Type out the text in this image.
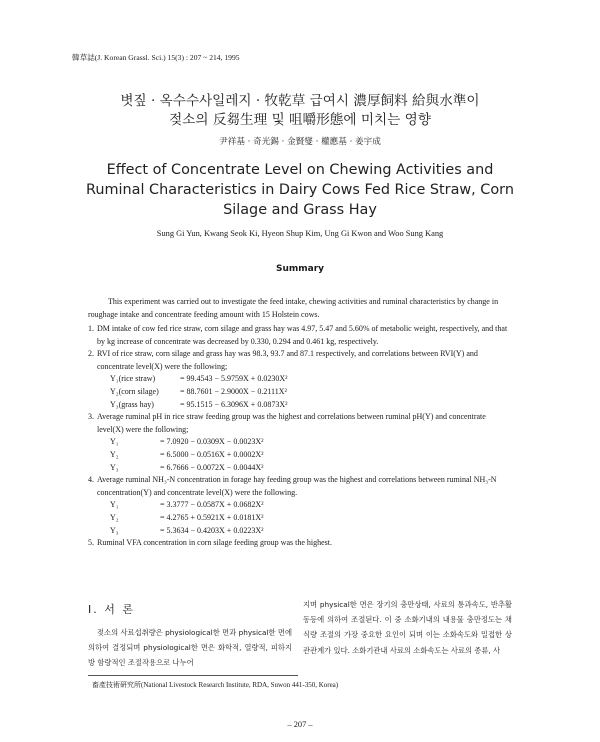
韓草誌(J. Korean Grassl. Sci.) 15(3) : 207 ~ 214, 1995
볏짚 · 옥수수사일레지 · 牧乾草 급여시 濃厚飼料 給與水準이
젖소의 反芻生理 및 咀嚼形態에 미치는 영향
尹祥基 · 奇光錫 · 金賢燮 · 權應基 · 姜宇成
Effect of Concentrate Level on Chewing Activities and
Ruminal Characteristics in Dairy Cows Fed Rice Straw, Corn
Silage and Grass Hay
Sung Gi Yun, Kwang Seok Ki, Hyeon Shup Kim, Ung Gi Kwon and Woo Sung Kang
Summary
This experiment was carried out to investigate the feed intake, chewing activities and ruminal characteristics by change in roughage intake and concentrate feeding amount with 15 Holstein cows.
1. DM intake of cow fed rice straw, corn silage and grass hay was 4.97, 5.47 and 5.60% of metabolic weight, respectively, and that by kg increase of concentrate was decreased by 0.330, 0.294 and 0.461 kg, respectively.
2. RVI of rice straw, corn silage and grass hay was 98.3, 93.7 and 87.1 respectively, and correlations between RVI(Y) and concentrate level(X) were the following;
Y₁(rice straw)	= 99.4543 − 5.9759X + 0.0230X²
Y₂(corn silage)	= 88.7601 − 2.9000X − 0.2111X²
Y₃(grass hay)	= 95.1515 − 6.3096X + 0.0873X²
3. Average ruminal pH in rice straw feeding group was the highest and correlations between ruminal pH(Y) and concentrate level(X) were the following;
Y₁	= 7.0920 − 0.0309X − 0.0023X²
Y₂	= 6.5000 − 0.0516X + 0.0002X²
Y₃	= 6.7666 − 0.0072X − 0.0044X²
4. Average ruminal NH₃-N concentration in forage hay feeding group was the highest and correlations between ruminal NH₃-N concentration(Y) and concentrate level(X) were the following.
Y₁	= 3.3777 − 0.0587X + 0.0682X²
Y₂	= 4.2765 + 0.5921X + 0.0181X²
Y₃	= 5.3634 − 0.4203X + 0.0223X²
5. Ruminal VFA concentration in corn silage feeding group was the highest.
Ⅰ. 서 론
젖소의 사료섭취량은 physiological한 면과 physical한 면에 의하여 결정되며 physiological한 면은 화학적, 열량적, 피하지방 함량적인 조절작용으로 나누어
지며 physical한 면은 장기의 충만상태, 사료의 통과속도, 반추활동등에 의하여 조절된다. 이 중 소화기내의 내용물 충만정도는 채식량 조절의 가장 중요한 요인이 되며 이는 소화속도와 밀접한 상관관계가 있다. 소화기관내 사료의 소화속도는 사료의 종류, 사
畜產技術硏究所(National Livestock Research Institute, RDA, Suwon 441-350, Korea)
– 207 –
